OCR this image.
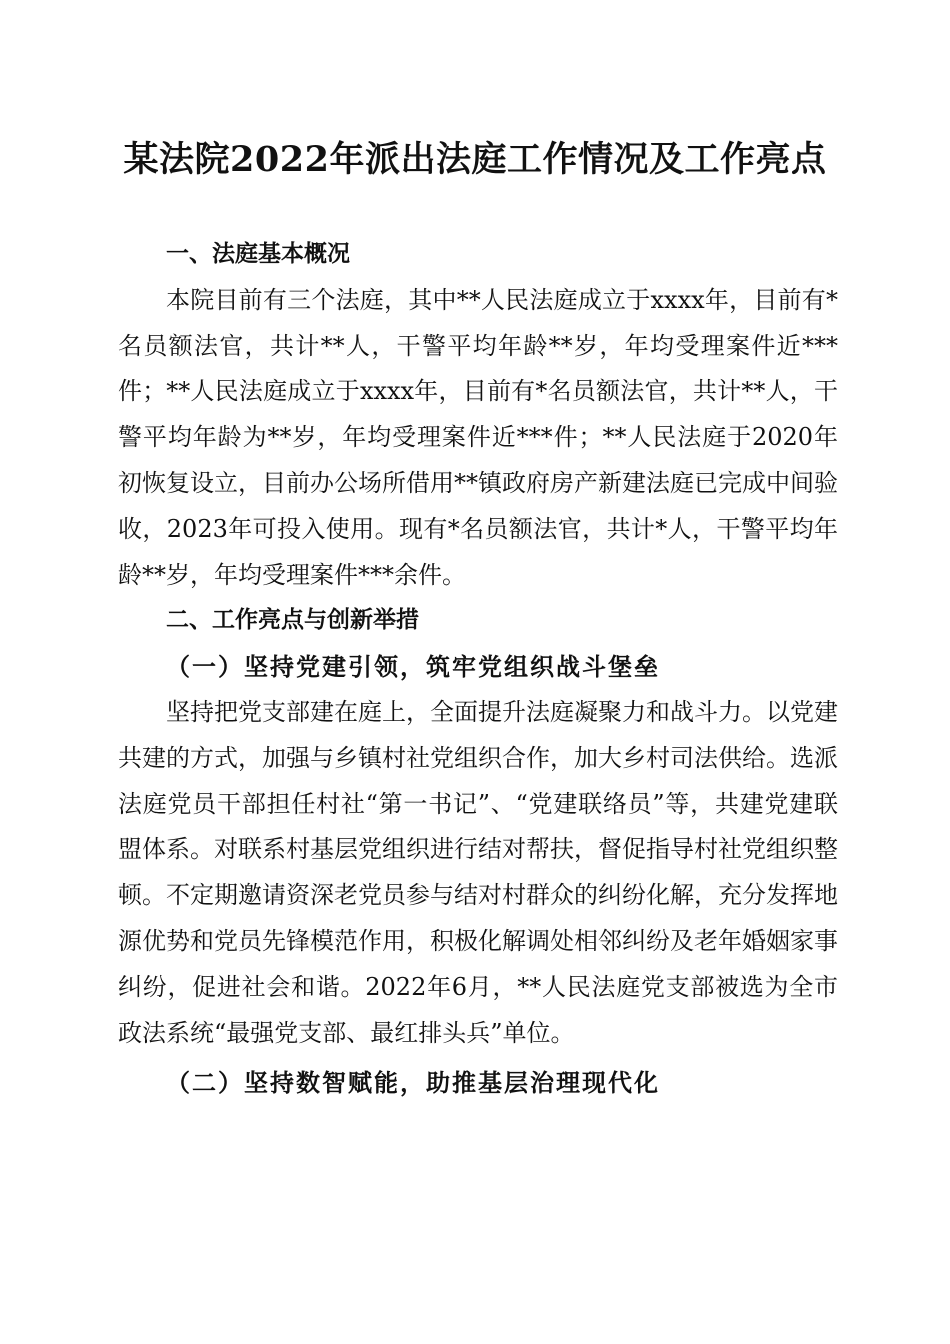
某法院2022年派出法庭工作情况及工作亮点

一、法庭基本概况

本院目前有三个法庭，其中**人民法庭成立于xxxx年，目前有*名员额法官，共计**人，干警平均年龄**岁，年均受理案件近***件；**人民法庭成立于xxxx年，目前有*名员额法官，共计**人，干警平均年龄为**岁，年均受理案件近***件；**人民法庭于2020年初恢复设立，目前办公场所借用**镇政府房产新建法庭已完成中间验收，2023年可投入使用。现有*名员额法官，共计*人，干警平均年龄**岁，年均受理案件***余件。

二、工作亮点与创新举措

（一）坚持党建引领，筑牢党组织战斗堡垒

坚持把党支部建在庭上，全面提升法庭凝聚力和战斗力。以党建共建的方式，加强与乡镇村社党组织合作，加大乡村司法供给。选派法庭党员干部担任村社“第一书记”、“党建联络员”等，共建党建联盟体系。对联系村基层党组织进行结对帮扶，督促指导村社党组织整顿。不定期邀请资深老党员参与结对村群众的纠纷化解，充分发挥地源优势和党员先锋模范作用，积极化解调处相邻纠纷及老年婚姻家事纠纷，促进社会和谐。2022年6月，**人民法庭党支部被选为全市政法系统“最强党支部、最红排头兵”单位。

（二）坚持数智赋能，助推基层治理现代化
